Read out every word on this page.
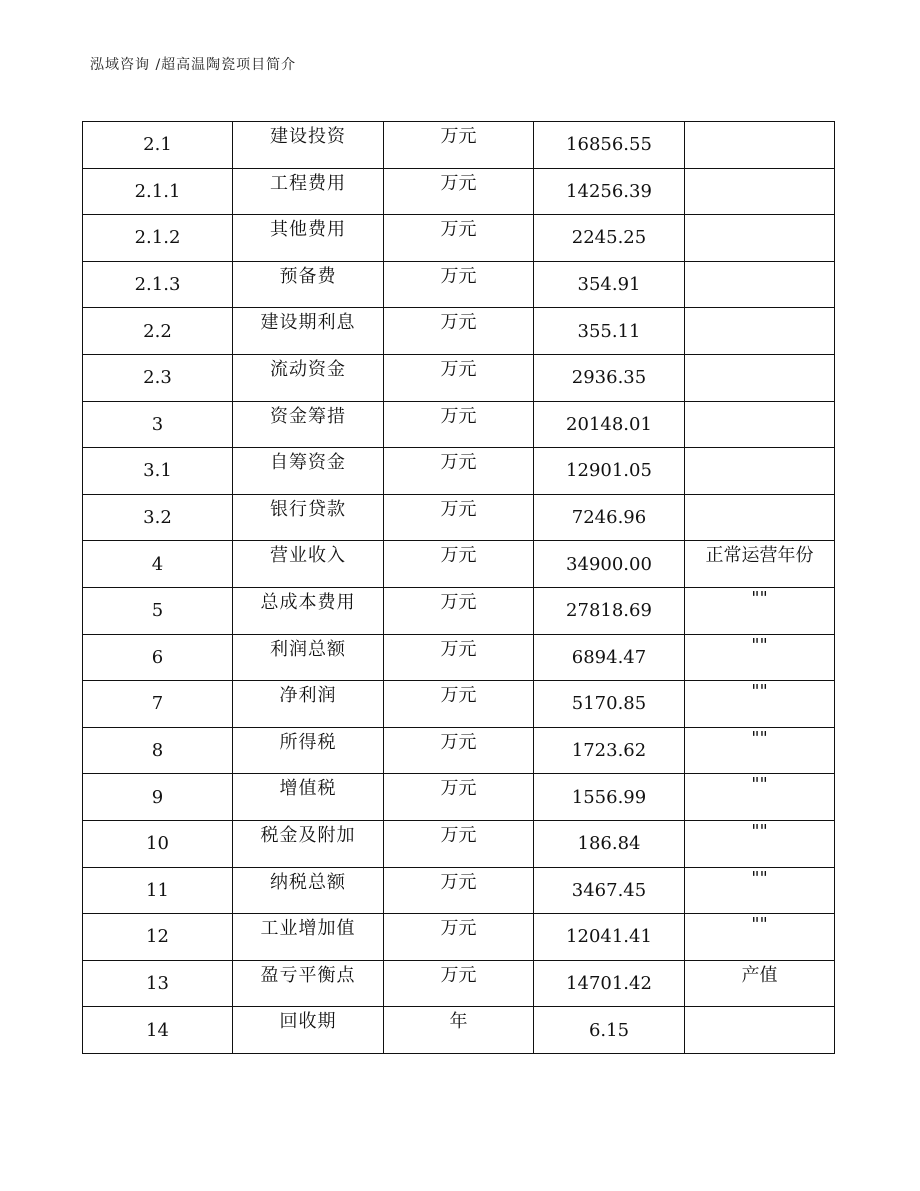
泓域咨询 /超高温陶瓷项目简介
2.1	建设投资	万元	16856.55	
2.1.1	工程费用	万元	14256.39	
2.1.2	其他费用	万元	2245.25	
2.1.3	预备费	万元	354.91	
2.2	建设期利息	万元	355.11	
2.3	流动资金	万元	2936.35	
3	资金筹措	万元	20148.01	
3.1	自筹资金	万元	12901.05	
3.2	银行贷款	万元	7246.96	
4	营业收入	万元	34900.00	正常运营年份
5	总成本费用	万元	27818.69	""
6	利润总额	万元	6894.47	""
7	净利润	万元	5170.85	""
8	所得税	万元	1723.62	""
9	增值税	万元	1556.99	""
10	税金及附加	万元	186.84	""
11	纳税总额	万元	3467.45	""
12	工业增加值	万元	12041.41	""
13	盈亏平衡点	万元	14701.42	产值
14	回收期	年	6.15	
